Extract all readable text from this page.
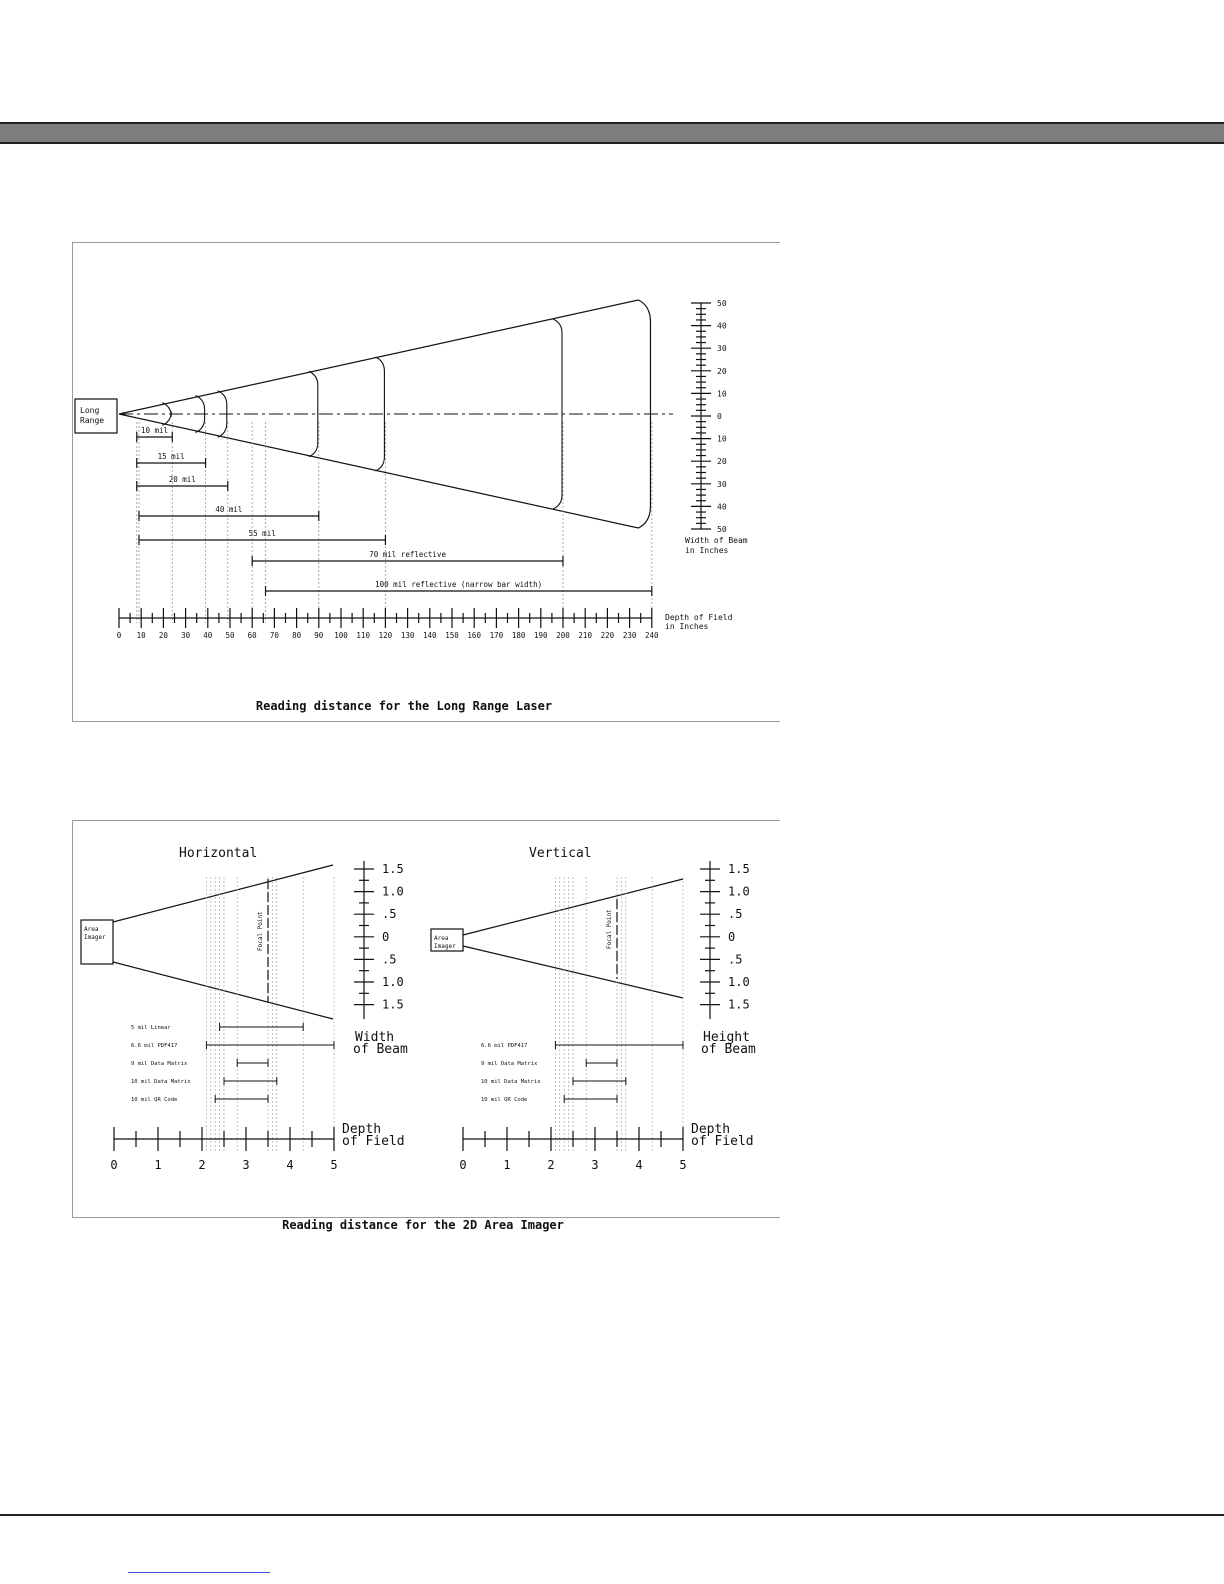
Long
Range
10 mil
15 mil
20 mil
40 mil
55 mil
70 mil reflective
100 mil reflective (narrow bar width)
50
40
30
20
10
0
10
20
30
40
50
Width of Beam
in Inches
0 10 20 30 40 50 60 70 80 90 100 110 120 130 140 150 160 170 180 190 200 210 220 230 240
Depth of Field
in Inches
Reading distance for the Long Range Laser
Horizontal
Area
Imager	Focal Point
1.5
1.0
.5
0
.5
1.0
1.5
Width
of Beam
5 mil Linear
6.6 mil PDF417
9 mil Data Matrix
10 mil Data Matrix
10 mil QR Code
0	1	2	3	4	5
Depth
of Field
Vertical
Area
Imager	Focal Point
1.5
1.0
.5
0
.5
1.0
1.5
Height
of Beam
6.6 mil PDF417
9 mil Data Matrix
10 mil Data Matrix
10 mil QR Code
0	1	2	3	4	5
Depth
of Field
Reading distance for the 2D Area Imager
